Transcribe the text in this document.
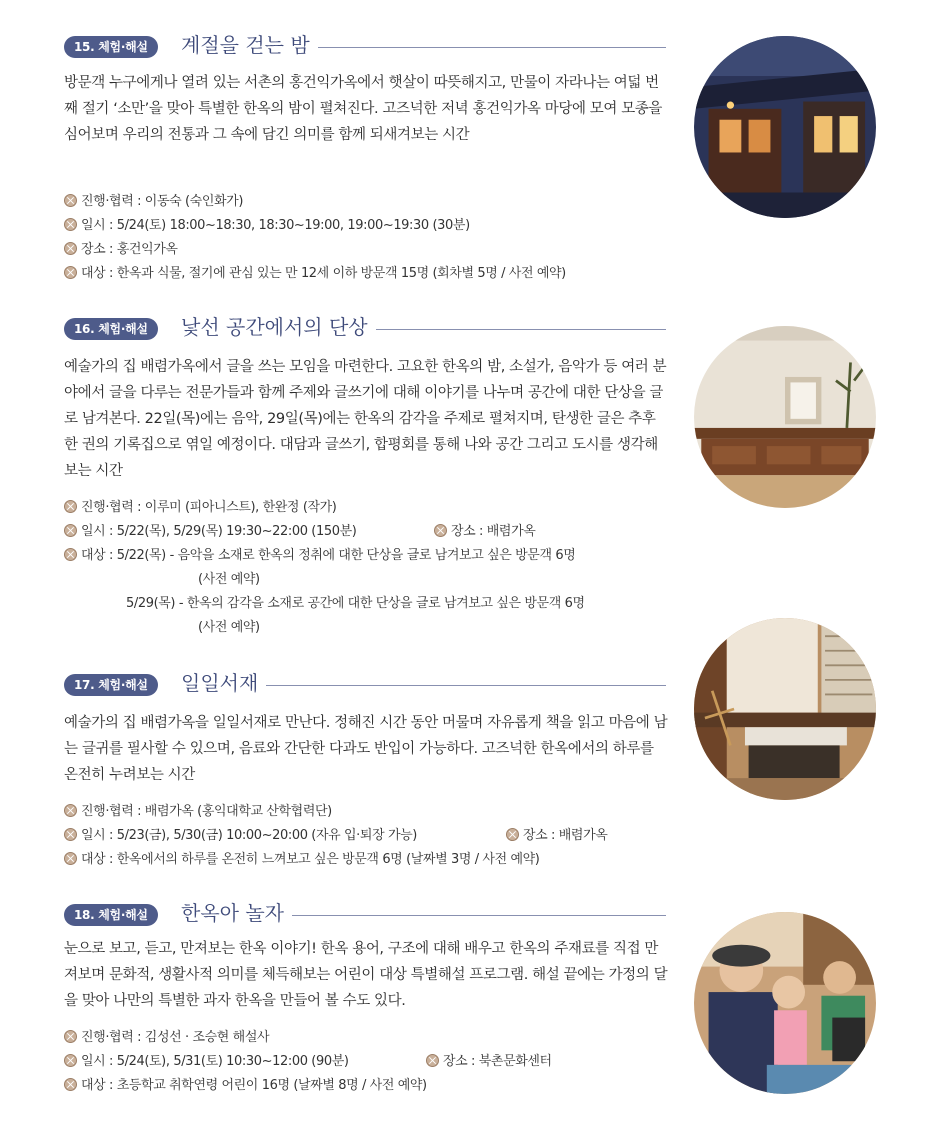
15. 체험·해설	계절을 걷는 밤

방문객 누구에게나 열려 있는 서촌의 홍건익가옥에서 햇살이 따뜻해지고, 만물이 자라나는 여덟 번째 절기 ‘소만’을 맞아 특별한 한옥의 밤이 펼쳐진다. 고즈넉한 저녁 홍건익가옥 마당에 모여 모종을 심어보며 우리의 전통과 그 속에 담긴 의미를 함께 되새겨보는 시간

진행·협력 : 이동숙 (숙인화가)
일시 : 5/24(토) 18:00~18:30, 18:30~19:00, 19:00~19:30 (30분)
장소 : 홍건익가옥
대상 : 한옥과 식물, 절기에 관심 있는 만 12세 이하 방문객 15명 (회차별 5명 / 사전 예약)
16. 체험·해설	낯선 공간에서의 단상

예술가의 집 배렴가옥에서 글을 쓰는 모임을 마련한다. 고요한 한옥의 밤, 소설가, 음악가 등 여러 분야에서 글을 다루는 전문가들과 함께 주제와 글쓰기에 대해 이야기를 나누며 공간에 대한 단상을 글로 남겨본다. 22일(목)에는 음악, 29일(목)에는 한옥의 감각을 주제로 펼쳐지며, 탄생한 글은 추후 한 권의 기록집으로 엮일 예정이다. 대담과 글쓰기, 합평회를 통해 나와 공간 그리고 도시를 생각해 보는 시간

진행·협력 : 이루미 (피아니스트), 한완정 (작가)
일시 : 5/22(목), 5/29(목) 19:30~22:00 (150분)	장소 : 배렴가옥
대상 : 5/22(목) - 음악을 소재로 한옥의 정취에 대한 단상을 글로 남겨보고 싶은 방문객 6명
(사전 예약)
5/29(목) - 한옥의 감각을 소재로 공간에 대한 단상을 글로 남겨보고 싶은 방문객 6명
(사전 예약)
17. 체험·해설	일일서재

예술가의 집 배렴가옥을 일일서재로 만난다. 정해진 시간 동안 머물며 자유롭게 책을 읽고 마음에 남는 글귀를 필사할 수 있으며, 음료와 간단한 다과도 반입이 가능하다. 고즈넉한 한옥에서의 하루를 온전히 누려보는 시간

진행·협력 : 배렴가옥 (홍익대학교 산학협력단)
일시 : 5/23(금), 5/30(금) 10:00~20:00 (자유 입·퇴장 가능)	장소 : 배렴가옥
대상 : 한옥에서의 하루를 온전히 느껴보고 싶은 방문객 6명 (날짜별 3명 / 사전 예약)
18. 체험·해설	한옥아 놀자

눈으로 보고, 듣고, 만져보는 한옥 이야기! 한옥 용어, 구조에 대해 배우고 한옥의 주재료를 직접 만져보며 문화적, 생활사적 의미를 체득해보는 어린이 대상 특별해설 프로그램. 해설 끝에는 가정의 달을 맞아 나만의 특별한 과자 한옥을 만들어 볼 수도 있다.

진행·협력 : 김성선 · 조승현 해설사
일시 : 5/24(토), 5/31(토) 10:30~12:00 (90분)	장소 : 북촌문화센터
대상 : 초등학교 취학연령 어린이 16명 (날짜별 8명 / 사전 예약)
